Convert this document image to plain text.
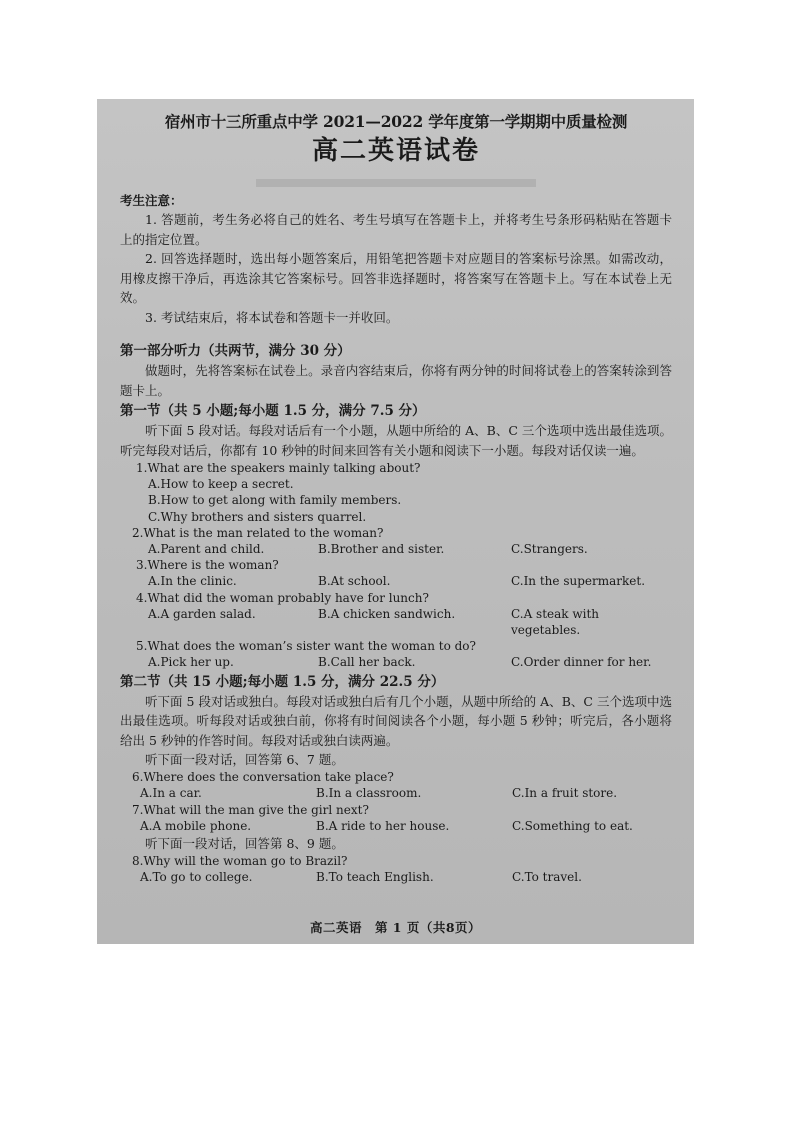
宿州市十三所重点中学 2021—2022 学年度第一学期期中质量检测
高二英语试卷
考生注意：
1. 答题前，考生务必将自己的姓名、考生号填写在答题卡上，并将考生号条形码粘贴在答题卡上的指定位置。
2. 回答选择题时，选出每小题答案后，用铅笔把答题卡对应题目的答案标号涂黑。如需改动，用橡皮擦干净后，再选涂其它答案标号。回答非选择题时，将答案写在答题卡上。写在本试卷上无效。
3. 考试结束后，将本试卷和答题卡一并收回。
第一部分听力（共两节，满分 30 分）
做题时，先将答案标在试卷上。录音内容结束后，你将有两分钟的时间将试卷上的答案转涂到答题卡上。
第一节（共 5 小题;每小题 1.5 分，满分 7.5 分）
听下面 5 段对话。每段对话后有一个小题，从题中所给的 A、B、C 三个选项中选出最佳选项。听完每段对话后，你都有 10 秒钟的时间来回答有关小题和阅读下一小题。每段对话仅读一遍。
1.What are the speakers mainly talking about?
A.How to keep a secret.
B.How to get along with family members.
C.Why brothers and sisters quarrel.
2.What is the man related to the woman?
A.Parent and child.	B.Brother and sister.	C.Strangers.
3.Where is the woman?
A.In the clinic.	B.At school.	C.In the supermarket.
4.What did the woman probably have for lunch?
A.A garden salad.	B.A chicken sandwich.	C.A steak with vegetables.
5.What does the woman’s sister want the woman to do?
A.Pick her up.	B.Call her back.	C.Order dinner for her.
第二节（共 15 小题;每小题 1.5 分，满分 22.5 分）
听下面 5 段对话或独白。每段对话或独白后有几个小题，从题中所给的 A、B、C 三个选项中选出最佳选项。听每段对话或独白前，你将有时间阅读各个小题，每小题 5 秒钟；听完后，各小题将给出 5 秒钟的作答时间。每段对话或独白读两遍。
听下面一段对话，回答第 6、7 题。
6.Where does the conversation take place?
A.In a car.	B.In a classroom.	C.In a fruit store.
7.What will the man give the girl next?
A.A mobile phone.	B.A ride to her house.	C.Something to eat.
听下面一段对话，回答第 8、9 题。
8.Why will the woman go to Brazil?
A.To go to college.	B.To teach English.	C.To travel.
高二英语　第 1 页（共8页）
